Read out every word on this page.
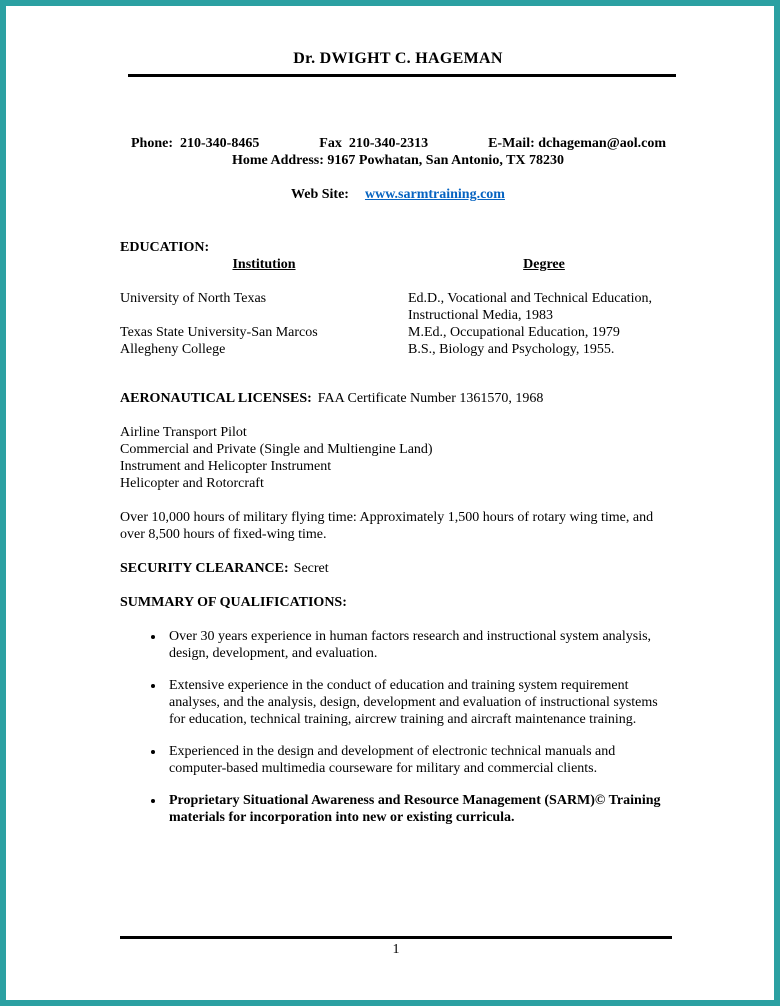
Dr. DWIGHT C. HAGEMAN
Phone: 210-340-8465	Fax 210-340-2313	E-Mail: dchageman@aol.com
Home Address: 9167 Powhatan, San Antonio, TX 78230
Web Site: www.sarmtraining.com
EDUCATION:
Institution	Degree
University of North Texas	Ed.D., Vocational and Technical Education, Instructional Media, 1983
Texas State University-San Marcos	M.Ed., Occupational Education, 1979
Allegheny College	B.S., Biology and Psychology, 1955.
AERONAUTICAL LICENSES: FAA Certificate Number 1361570, 1968
Airline Transport Pilot
Commercial and Private (Single and Multiengine Land)
Instrument and Helicopter Instrument
Helicopter and Rotorcraft
Over 10,000 hours of military flying time: Approximately 1,500 hours of rotary wing time, and over 8,500 hours of fixed-wing time.
SECURITY CLEARANCE: Secret
SUMMARY OF QUALIFICATIONS:
• Over 30 years experience in human factors research and instructional system analysis, design, development, and evaluation.
• Extensive experience in the conduct of education and training system requirement analyses, and the analysis, design, development and evaluation of instructional systems for education, technical training, aircrew training and aircraft maintenance training.
• Experienced in the design and development of electronic technical manuals and computer-based multimedia courseware for military and commercial clients.
• Proprietary Situational Awareness and Resource Management (SARM)© Training materials for incorporation into new or existing curricula.
1
